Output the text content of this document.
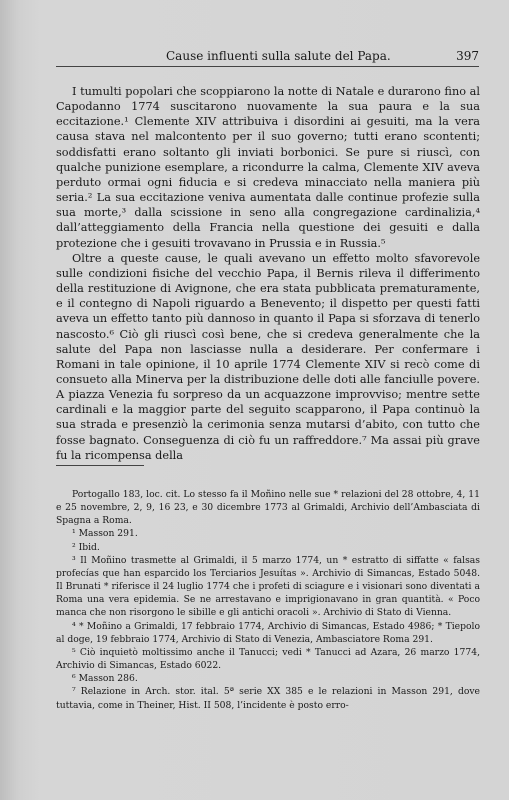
Cause influenti sulla salute del Papa.	397

I tumulti popolari che scoppiarono la notte di Natale e durarono fino al Capodanno 1774 suscitarono nuovamente la sua paura e la sua eccitazione.¹ Clemente XIV attribuiva i disordini ai gesuiti, ma la vera causa stava nel malcontento per il suo governo; tutti erano scontenti; soddisfatti erano soltanto gli inviati borbonici. Se pure si riuscì, con qualche punizione esemplare, a ricondurre la calma, Clemente XIV aveva perduto ormai ogni fiducia e si credeva minacciato nella maniera più seria.² La sua eccitazione veniva aumentata dalle continue profezie sulla sua morte,³ dalla scissione in seno alla congregazione cardinalizia,⁴ dall’atteggiamento della Francia nella questione dei gesuiti e dalla protezione che i gesuiti trovavano in Prussia e in Russia.⁵

Oltre a queste cause, le quali avevano un effetto molto sfavorevole sulle condizioni fisiche del vecchio Papa, il Bernis rileva il differimento della restituzione di Avignone, che era stata pubblicata prematuramente, e il contegno di Napoli riguardo a Benevento; il dispetto per questi fatti aveva un effetto tanto più dannoso in quanto il Papa si sforzava di tenerlo nascosto.⁶ Ciò gli riuscì così bene, che si credeva generalmente che la salute del Papa non lasciasse nulla a desiderare. Per confermare i Romani in tale opinione, il 10 aprile 1774 Clemente XIV si recò come di consueto alla Minerva per la distribuzione delle doti alle fanciulle povere. A piazza Venezia fu sorpreso da un acquazzone improvviso; mentre sette cardinali e la maggior parte del seguito scapparono, il Papa continuò la sua strada e presenziò la cerimonia senza mutarsi d’abito, con tutto che fosse bagnato. Conseguenza di ciò fu un raffreddore.⁷ Ma assai più grave fu la ricompensa della

Portogallo 183, loc. cit. Lo stesso fa il Moñino nelle sue * relazioni del 28 ottobre, 4, 11 e 25 novembre, 2, 9, 16 23, e 30 dicembre 1773 al Grimaldi, Archivio dell’Ambasciata di Spagna a Roma.

¹ Masson 291.

² Ibid.

³ Il Moñino trasmette al Grimaldi, il 5 marzo 1774, un * estratto di siffatte « falsas profecías que han esparcido los Terciarios Jesuítas ». Archivio di Simancas, Estado 5048. Il Brunati * riferisce il 24 luglio 1774 che i profeti di sciagure e i visionari sono diventati a Roma una vera epidemia. Se ne arrestavano e imprigionavano in gran quantità. « Poco manca che non risorgono le sibille e gli antichi oracoli ». Archivio di Stato di Vienna.

⁴ * Moñino a Grimaldi, 17 febbraio 1774, Archivio di Simancas, Estado 4986; * Tiepolo al doge, 19 febbraio 1774, Archivio di Stato di Venezia, Ambasciatore Roma 291.

⁵ Ciò inquietò moltissimo anche il Tanucci; vedi * Tanucci ad Azara, 26 marzo 1774, Archivio di Simancas, Estado 6022.

⁶ Masson 286.

⁷ Relazione in Arch. stor. ital. 5ª serie XX 385 e le relazioni in Masson 291, dove tuttavia, come in Theiner, Hist. II 508, l’incidente è posto erro-
